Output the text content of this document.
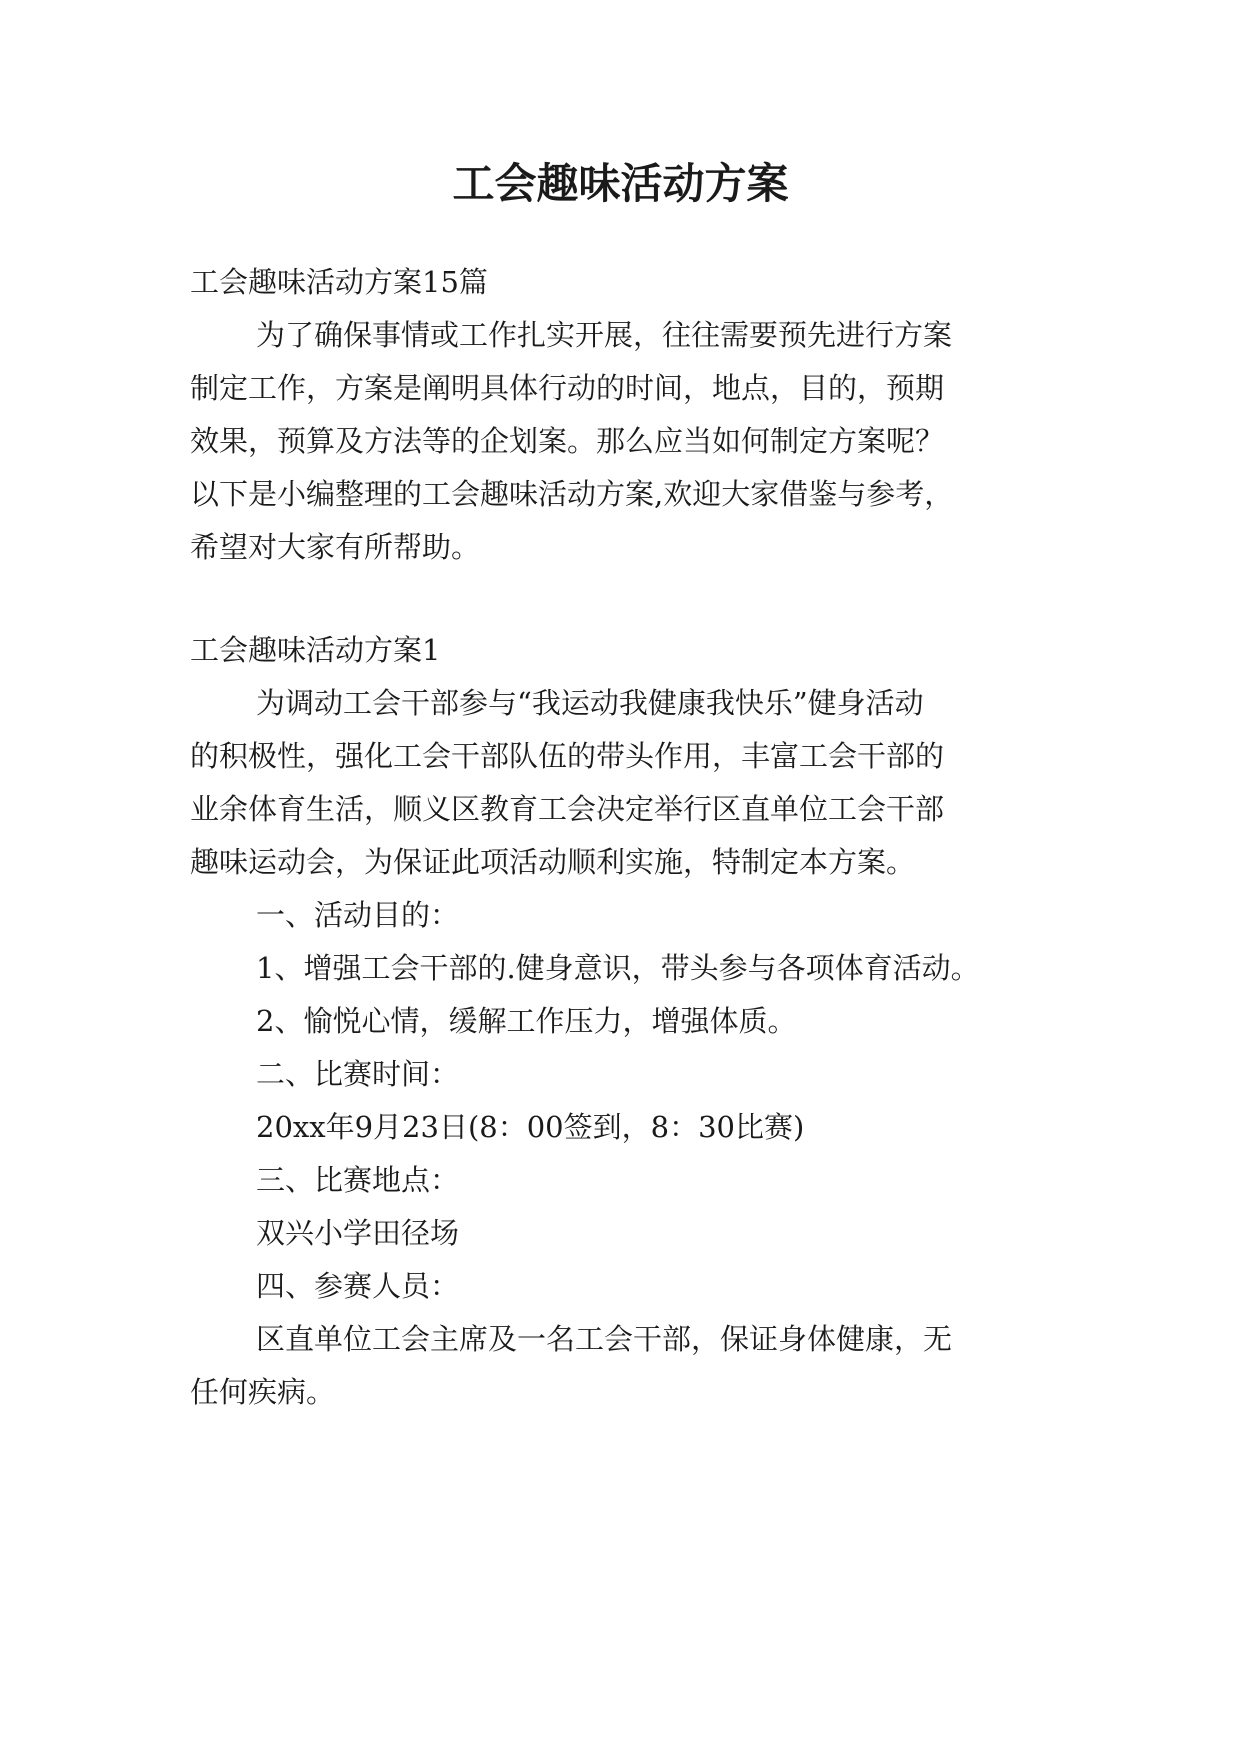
工会趣味活动方案
工会趣味活动方案15篇
为了确保事情或工作扎实开展，往往需要预先进行方案
制定工作，方案是阐明具体行动的时间，地点，目的，预期
效果，预算及方法等的企划案。那么应当如何制定方案呢？
以下是小编整理的工会趣味活动方案,欢迎大家借鉴与参考，
希望对大家有所帮助。
工会趣味活动方案1
为调动工会干部参与“我运动我健康我快乐”健身活动
的积极性，强化工会干部队伍的带头作用，丰富工会干部的
业余体育生活，顺义区教育工会决定举行区直单位工会干部
趣味运动会，为保证此项活动顺利实施，特制定本方案。
一、活动目的：
1、增强工会干部的.健身意识，带头参与各项体育活动。
2、愉悦心情，缓解工作压力，增强体质。
二、比赛时间：
20xx年9月23日(8：00签到，8：30比赛)
三、比赛地点：
双兴小学田径场
四、参赛人员：
区直单位工会主席及一名工会干部，保证身体健康，无
任何疾病。
